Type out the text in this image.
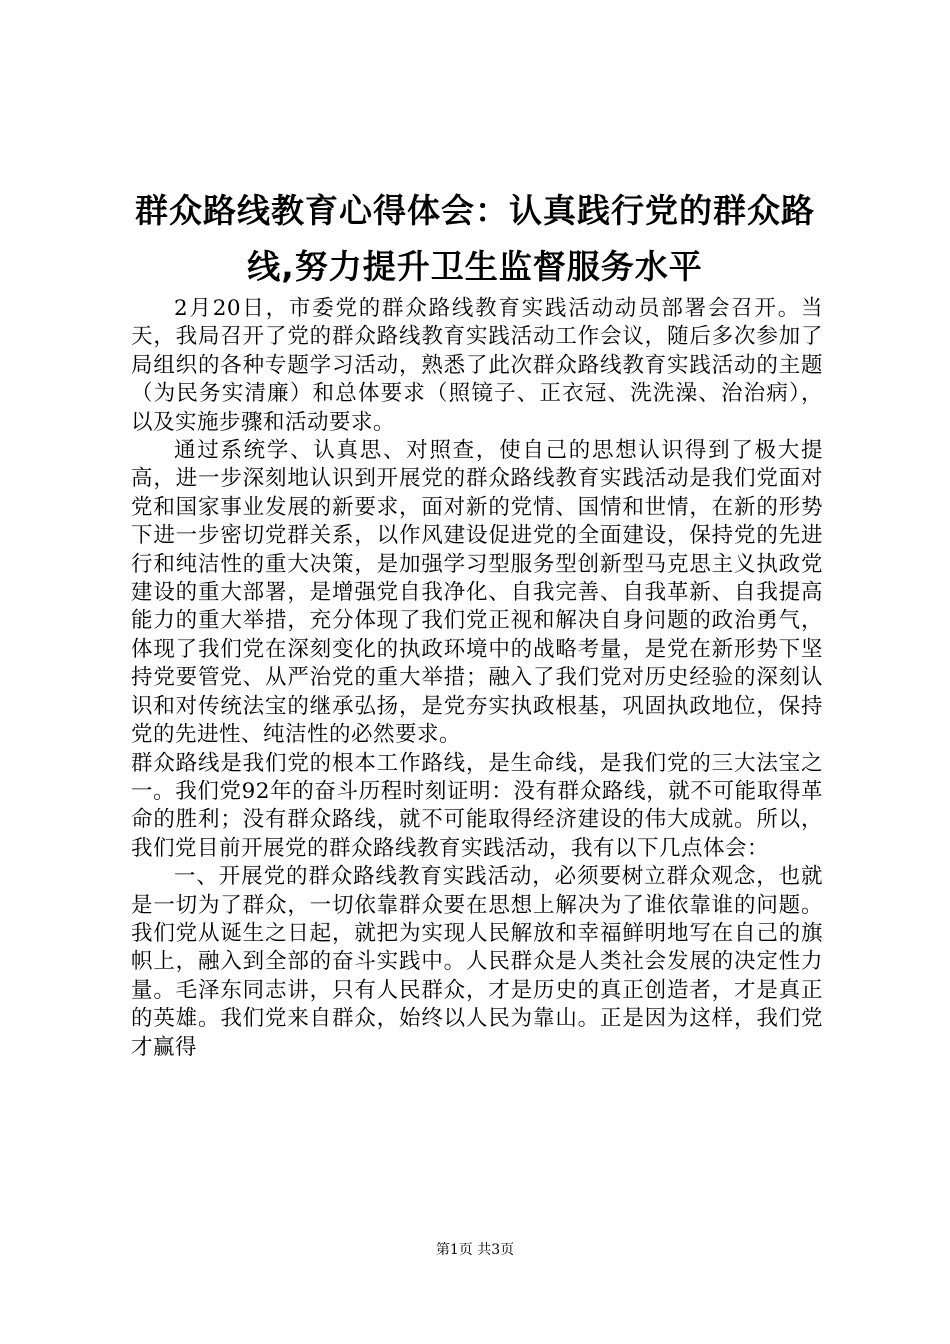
群众路线教育心得体会：认真践行党的群众路线,努力提升卫生监督服务水平

2月20日，市委党的群众路线教育实践活动动员部署会召开。当天，我局召开了党的群众路线教育实践活动工作会议，随后多次参加了局组织的各种专题学习活动，熟悉了此次群众路线教育实践活动的主题（为民务实清廉）和总体要求（照镜子、正衣冠、洗洗澡、治治病），以及实施步骤和活动要求。

通过系统学、认真思、对照查，使自己的思想认识得到了极大提高，进一步深刻地认识到开展党的群众路线教育实践活动是我们党面对党和国家事业发展的新要求，面对新的党情、国情和世情，在新的形势下进一步密切党群关系，以作风建设促进党的全面建设，保持党的先进行和纯洁性的重大决策，是加强学习型服务型创新型马克思主义执政党建设的重大部署，是增强党自我净化、自我完善、自我革新、自我提高能力的重大举措，充分体现了我们党正视和解决自身问题的政治勇气，体现了我们党在深刻变化的执政环境中的战略考量，是党在新形势下坚持党要管党、从严治党的重大举措；融入了我们党对历史经验的深刻认识和对传统法宝的继承弘扬，是党夯实执政根基，巩固执政地位，保持党的先进性、纯洁性的必然要求。

群众路线是我们党的根本工作路线，是生命线，是我们党的三大法宝之一。我们党92年的奋斗历程时刻证明：没有群众路线，就不可能取得革命的胜利；没有群众路线，就不可能取得经济建设的伟大成就。所以，我们党目前开展党的群众路线教育实践活动，我有以下几点体会：

一、开展党的群众路线教育实践活动，必须要树立群众观念，也就是一切为了群众，一切依靠群众要在思想上解决为了谁依靠谁的问题。我们党从诞生之日起，就把为实现人民解放和幸福鲜明地写在自己的旗帜上，融入到全部的奋斗实践中。人民群众是人类社会发展的决定性力量。毛泽东同志讲，只有人民群众，才是历史的真正创造者，才是真正的英雄。我们党来自群众，始终以人民为靠山。正是因为这样，我们党才赢得

第1页 共3页
